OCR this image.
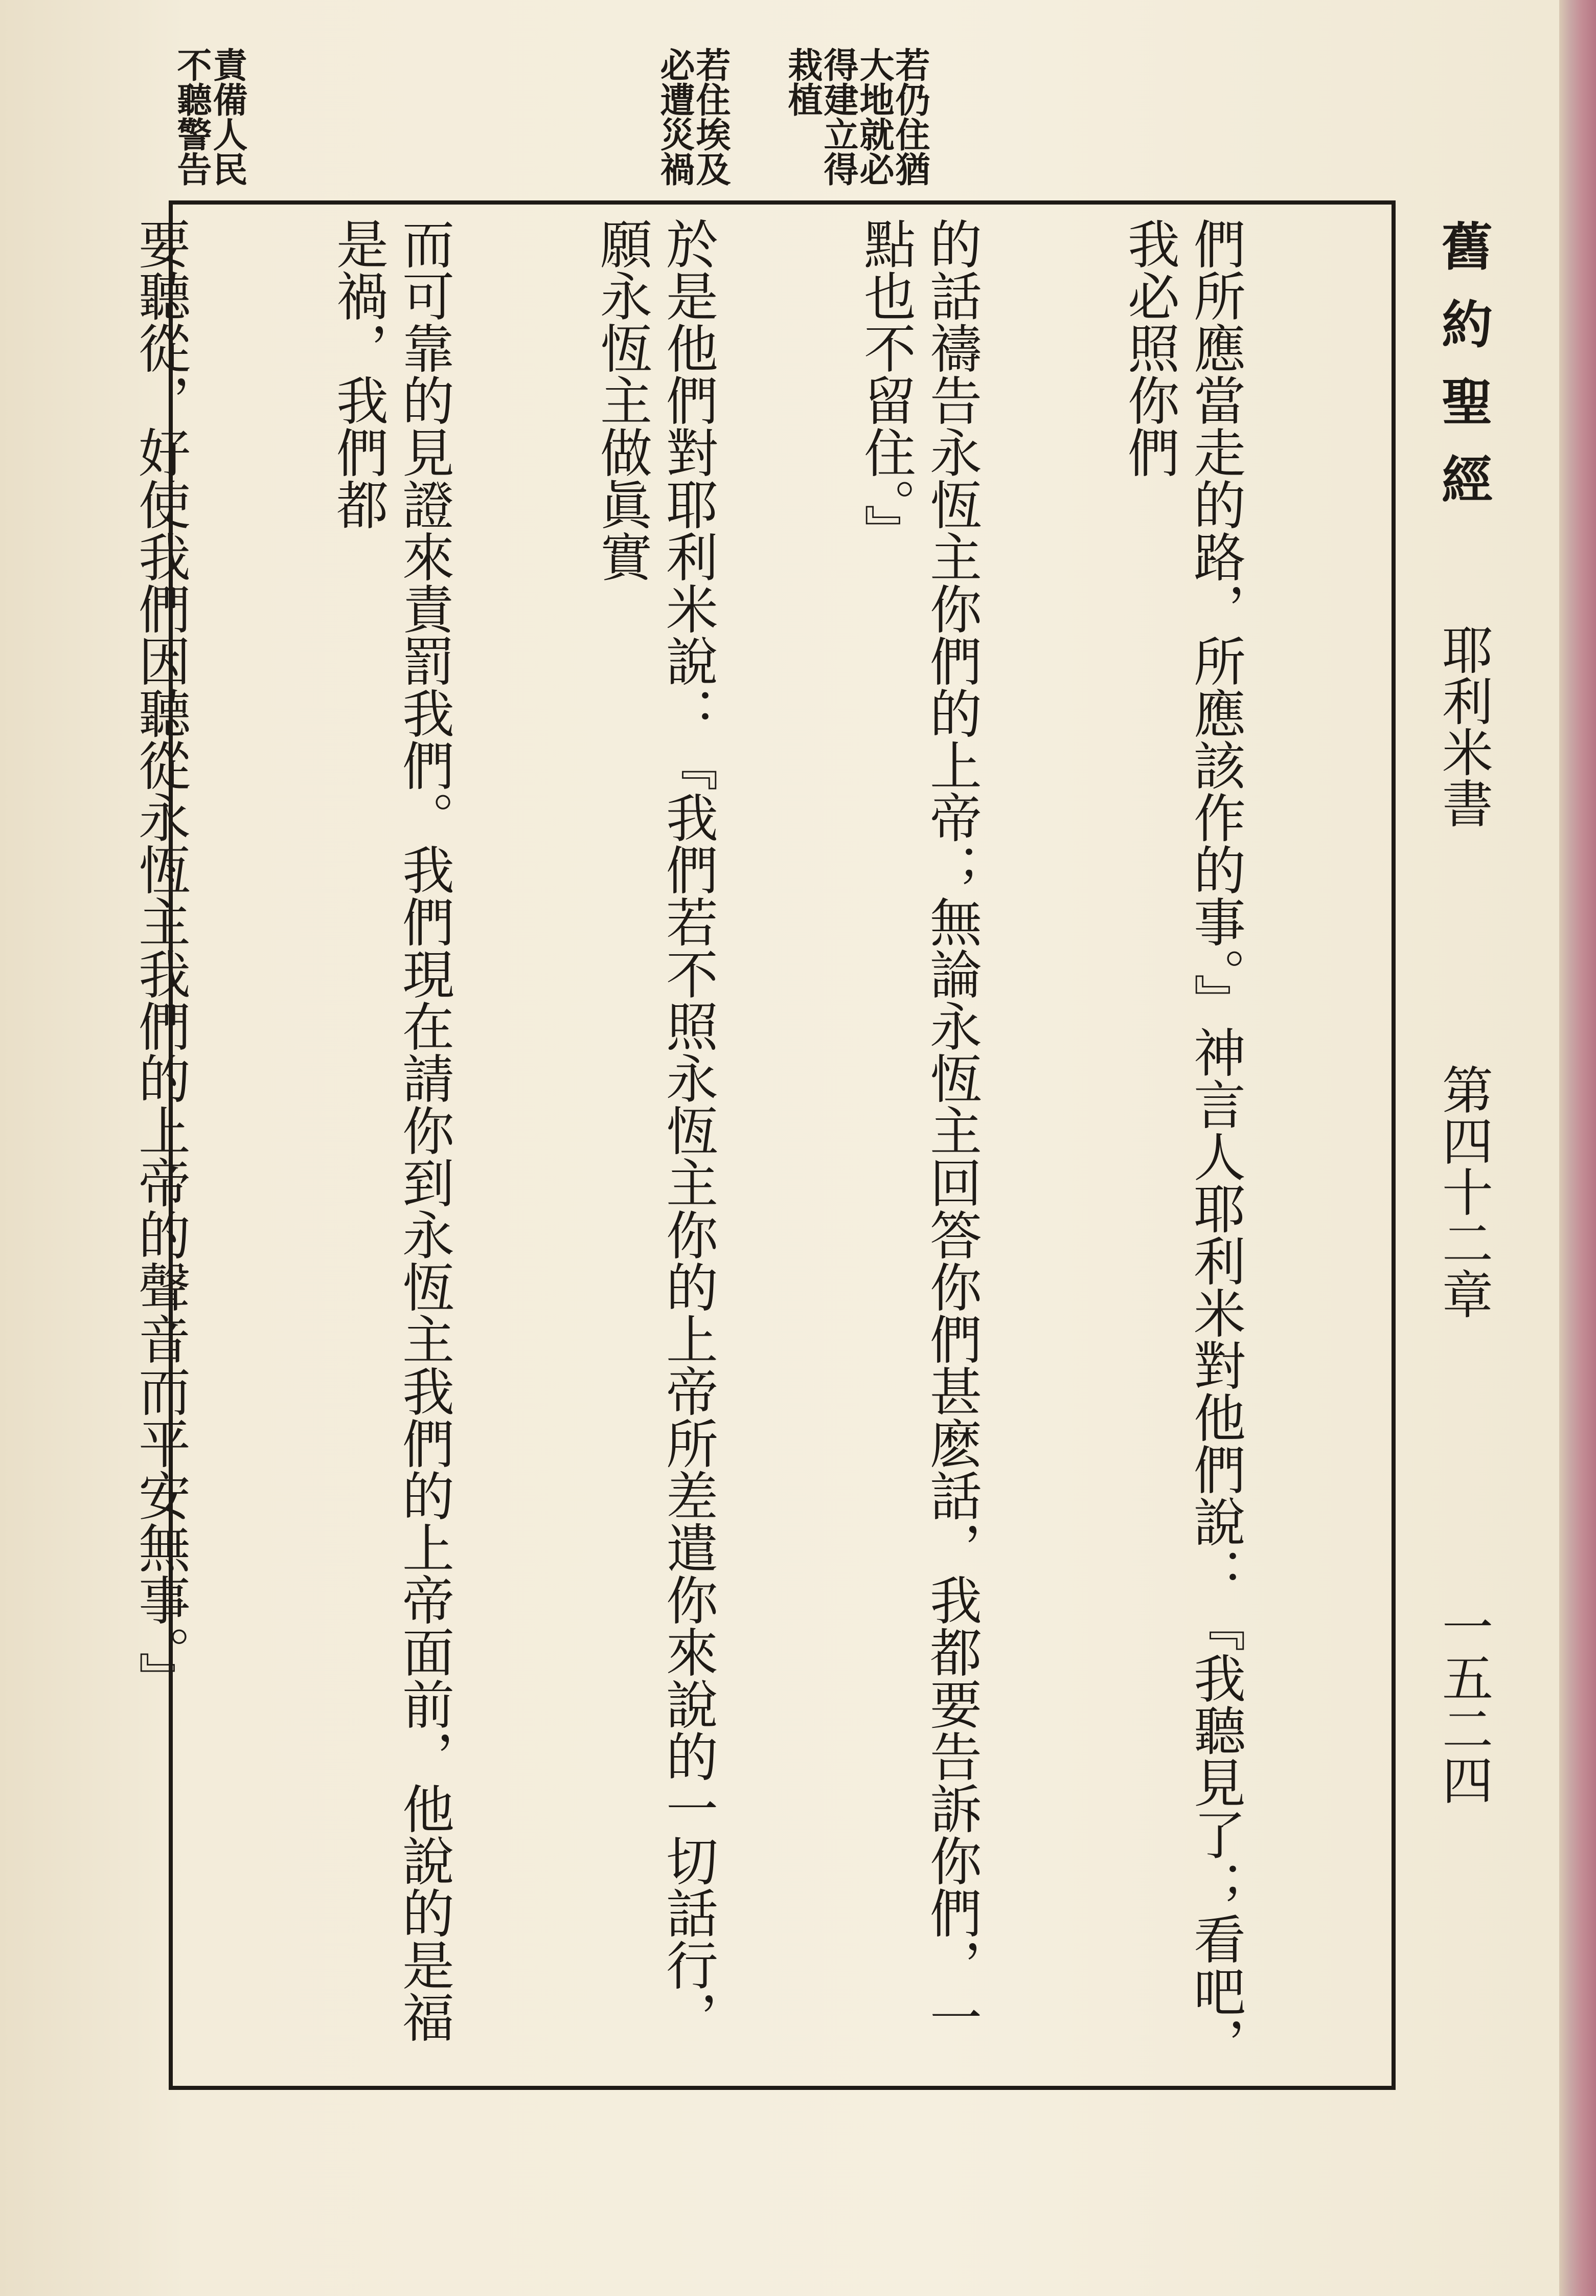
責備人民
不聽警告	若住埃及
必遭災禍	若仍住猶
大地就必
得建立得
栽植
舊約聖經
耶利米書
第四十二章
一五二四

們所應當走的路，所應該作的事。』神言人耶利米對他們說：『我聽見了；看吧，我必照你們

的話禱告永恆主你們的上帝；無論永恆主回答你們甚麽話，我都要告訴你們，一點也不留住。』

於是他們對耶利米說：『我們若不照永恆主你的上帝所差遣你來說的一切話行，願永恆主做眞實

而可靠的見證來責罰我們。我們現在請你到永恆主我們的上帝面前，他說的是福是禍，我們都

要聽從，好使我們因聽從永恆主我們的上帝的聲音而平安無事。』
